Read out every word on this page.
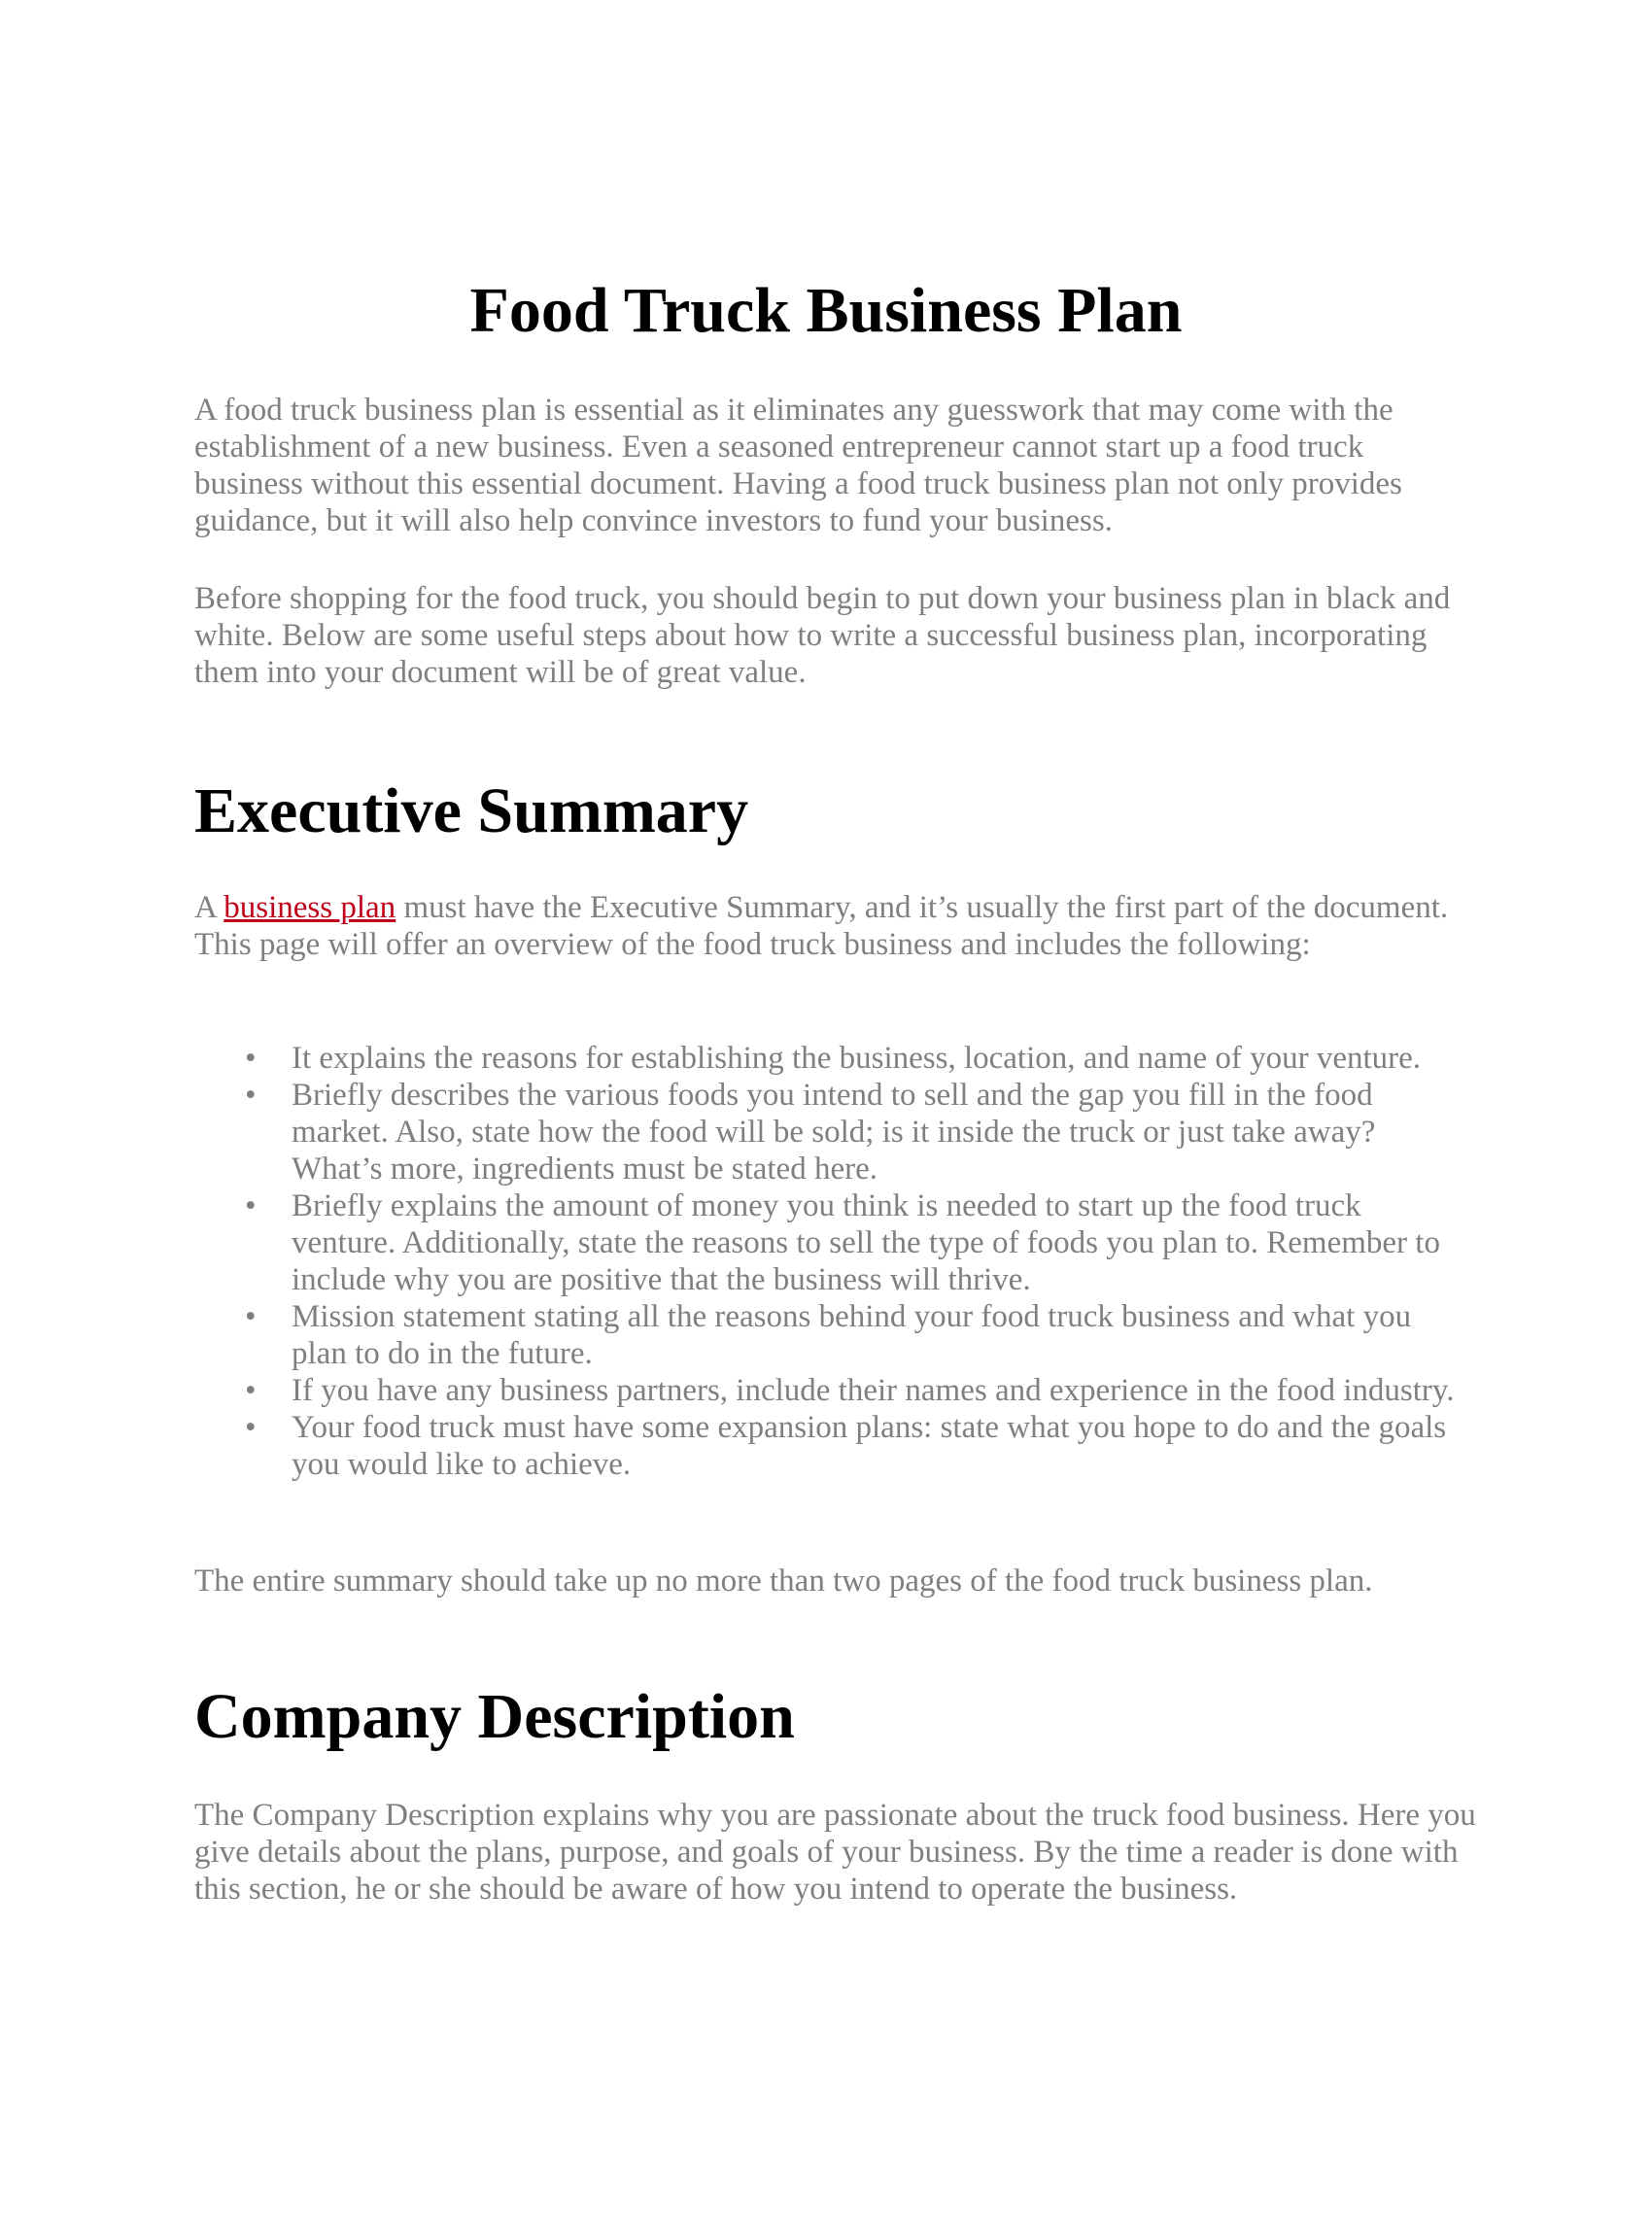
Food Truck Business Plan

A food truck business plan is essential as it eliminates any guesswork that may come with the establishment of a new business. Even a seasoned entrepreneur cannot start up a food truck business without this essential document. Having a food truck business plan not only provides guidance, but it will also help convince investors to fund your business.

Before shopping for the food truck, you should begin to put down your business plan in black and white. Below are some useful steps about how to write a successful business plan, incorporating them into your document will be of great value.

Executive Summary

A business plan must have the Executive Summary, and it’s usually the first part of the document. This page will offer an overview of the food truck business and includes the following:

• It explains the reasons for establishing the business, location, and name of your venture.
• Briefly describes the various foods you intend to sell and the gap you fill in the food market. Also, state how the food will be sold; is it inside the truck or just take away? What’s more, ingredients must be stated here.
• Briefly explains the amount of money you think is needed to start up the food truck venture. Additionally, state the reasons to sell the type of foods you plan to. Remember to include why you are positive that the business will thrive.
• Mission statement stating all the reasons behind your food truck business and what you plan to do in the future.
• If you have any business partners, include their names and experience in the food industry.
• Your food truck must have some expansion plans: state what you hope to do and the goals you would like to achieve.

The entire summary should take up no more than two pages of the food truck business plan.

Company Description

The Company Description explains why you are passionate about the truck food business. Here you give details about the plans, purpose, and goals of your business. By the time a reader is done with this section, he or she should be aware of how you intend to operate the business.
